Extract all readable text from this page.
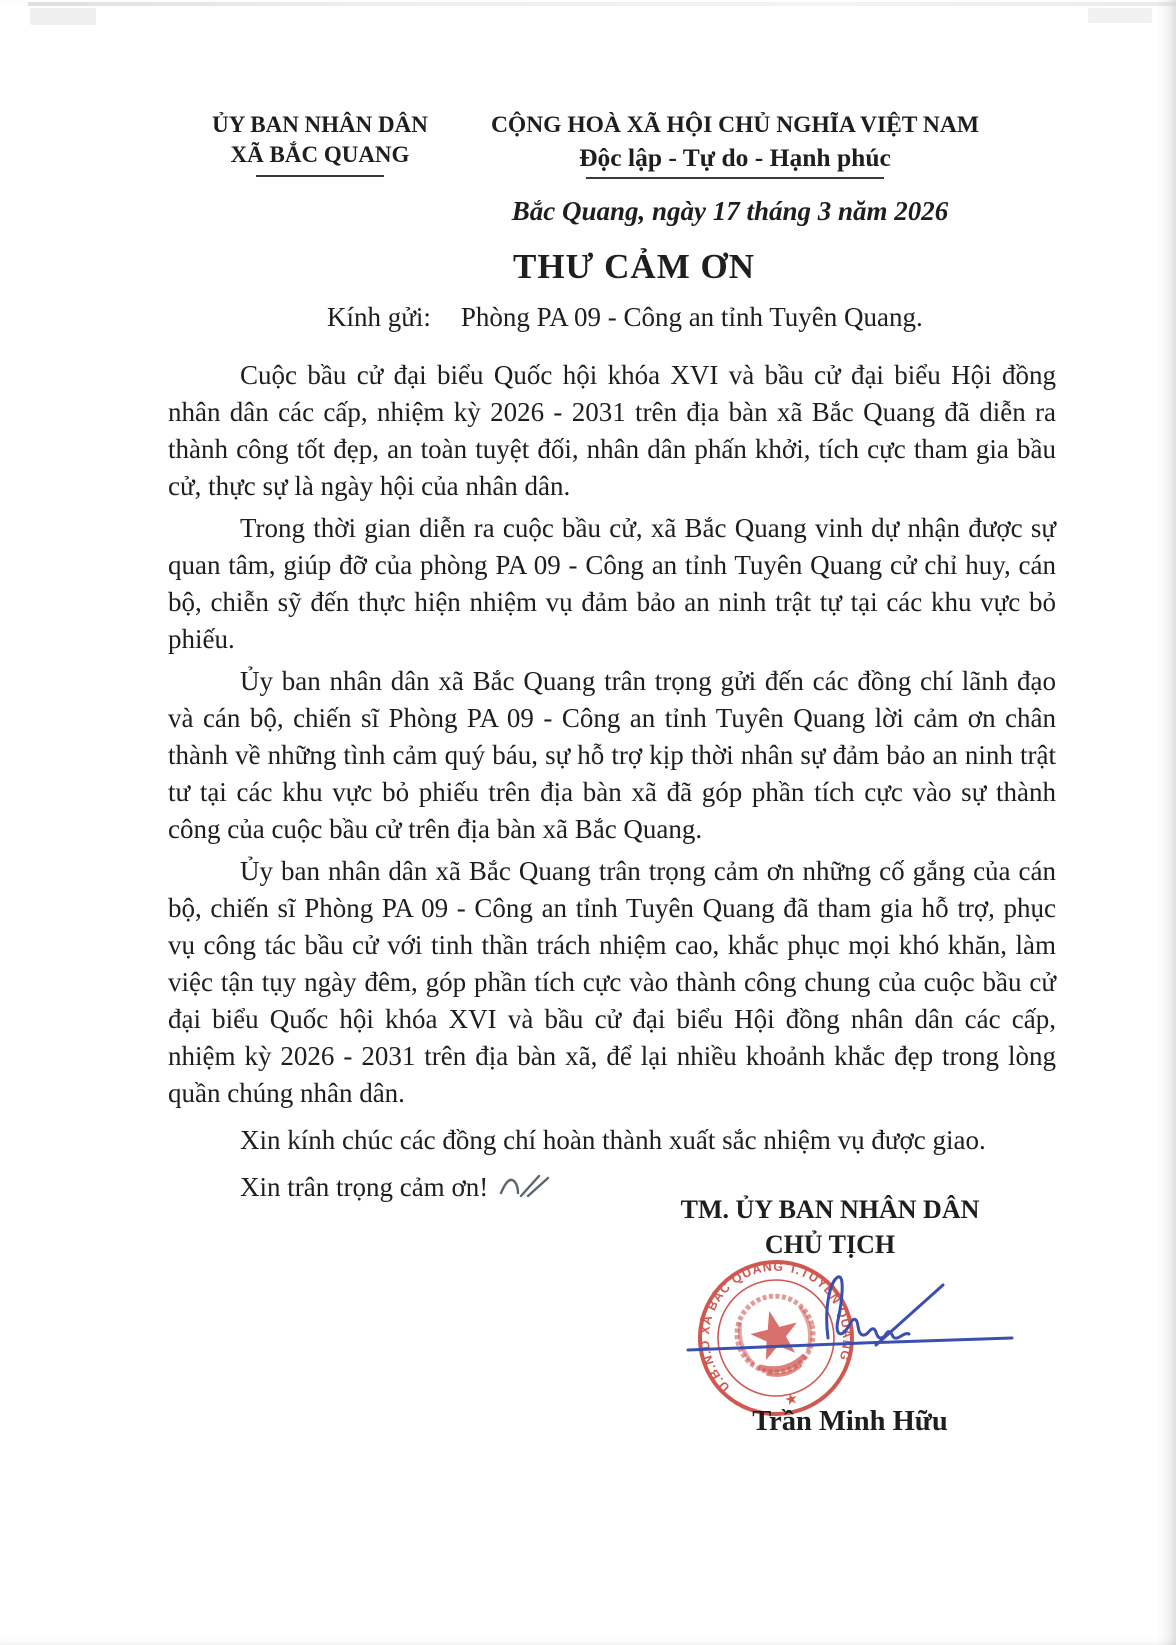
ỦY BAN NHÂN DÂN
XÃ BẮC QUANG
CỘNG HOÀ XÃ HỘI CHỦ NGHĨA VIỆT NAM
Độc lập - Tự do - Hạnh phúc
Bắc Quang, ngày 17 tháng 3 năm 2026
THƯ CẢM ƠN
Kính gửi: Phòng PA 09 - Công an tỉnh Tuyên Quang.

Cuộc bầu cử đại biểu Quốc hội khóa XVI và bầu cử đại biểu Hội đồng nhân dân các cấp, nhiệm kỳ 2026 - 2031 trên địa bàn xã Bắc Quang đã diễn ra thành công tốt đẹp, an toàn tuyệt đối, nhân dân phấn khởi, tích cực tham gia bầu cử, thực sự là ngày hội của nhân dân.

Trong thời gian diễn ra cuộc bầu cử, xã Bắc Quang vinh dự nhận được sự quan tâm, giúp đỡ của phòng PA 09 - Công an tỉnh Tuyên Quang cử chỉ huy, cán bộ, chiễn sỹ đến thực hiện nhiệm vụ đảm bảo an ninh trật tự tại các khu vực bỏ phiếu.

Ủy ban nhân dân xã Bắc Quang trân trọng gửi đến các đồng chí lãnh đạo và cán bộ, chiến sĩ Phòng PA 09 - Công an tỉnh Tuyên Quang lời cảm ơn chân thành về những tình cảm quý báu, sự hỗ trợ kịp thời nhân sự đảm bảo an ninh trật tư tại các khu vực bỏ phiếu trên địa bàn xã đã góp phần tích cực vào sự thành công của cuộc bầu cử trên địa bàn xã Bắc Quang.

Ủy ban nhân dân xã Bắc Quang trân trọng cảm ơn những cố gắng của cán bộ, chiến sĩ Phòng PA 09 - Công an tỉnh Tuyên Quang đã tham gia hỗ trợ, phục vụ công tác bầu cử với tinh thần trách nhiệm cao, khắc phục mọi khó khăn, làm việc tận tụy ngày đêm, góp phần tích cực vào thành công chung của cuộc bầu cử đại biểu Quốc hội khóa XVI và bầu cử đại biểu Hội đồng nhân dân các cấp, nhiệm kỳ 2026 - 2031 trên địa bàn xã, để lại nhiều khoảnh khắc đẹp trong lòng quần chúng nhân dân.

Xin kính chúc các đồng chí hoàn thành xuất sắc nhiệm vụ được giao.

Xin trân trọng cảm ơn!

TM. ỦY BAN NHÂN DÂN
CHỦ TỊCH
U.B.N.D XÃ BẮC QUANG T.TUYÊN QUANG
★
Trần Minh Hữu
